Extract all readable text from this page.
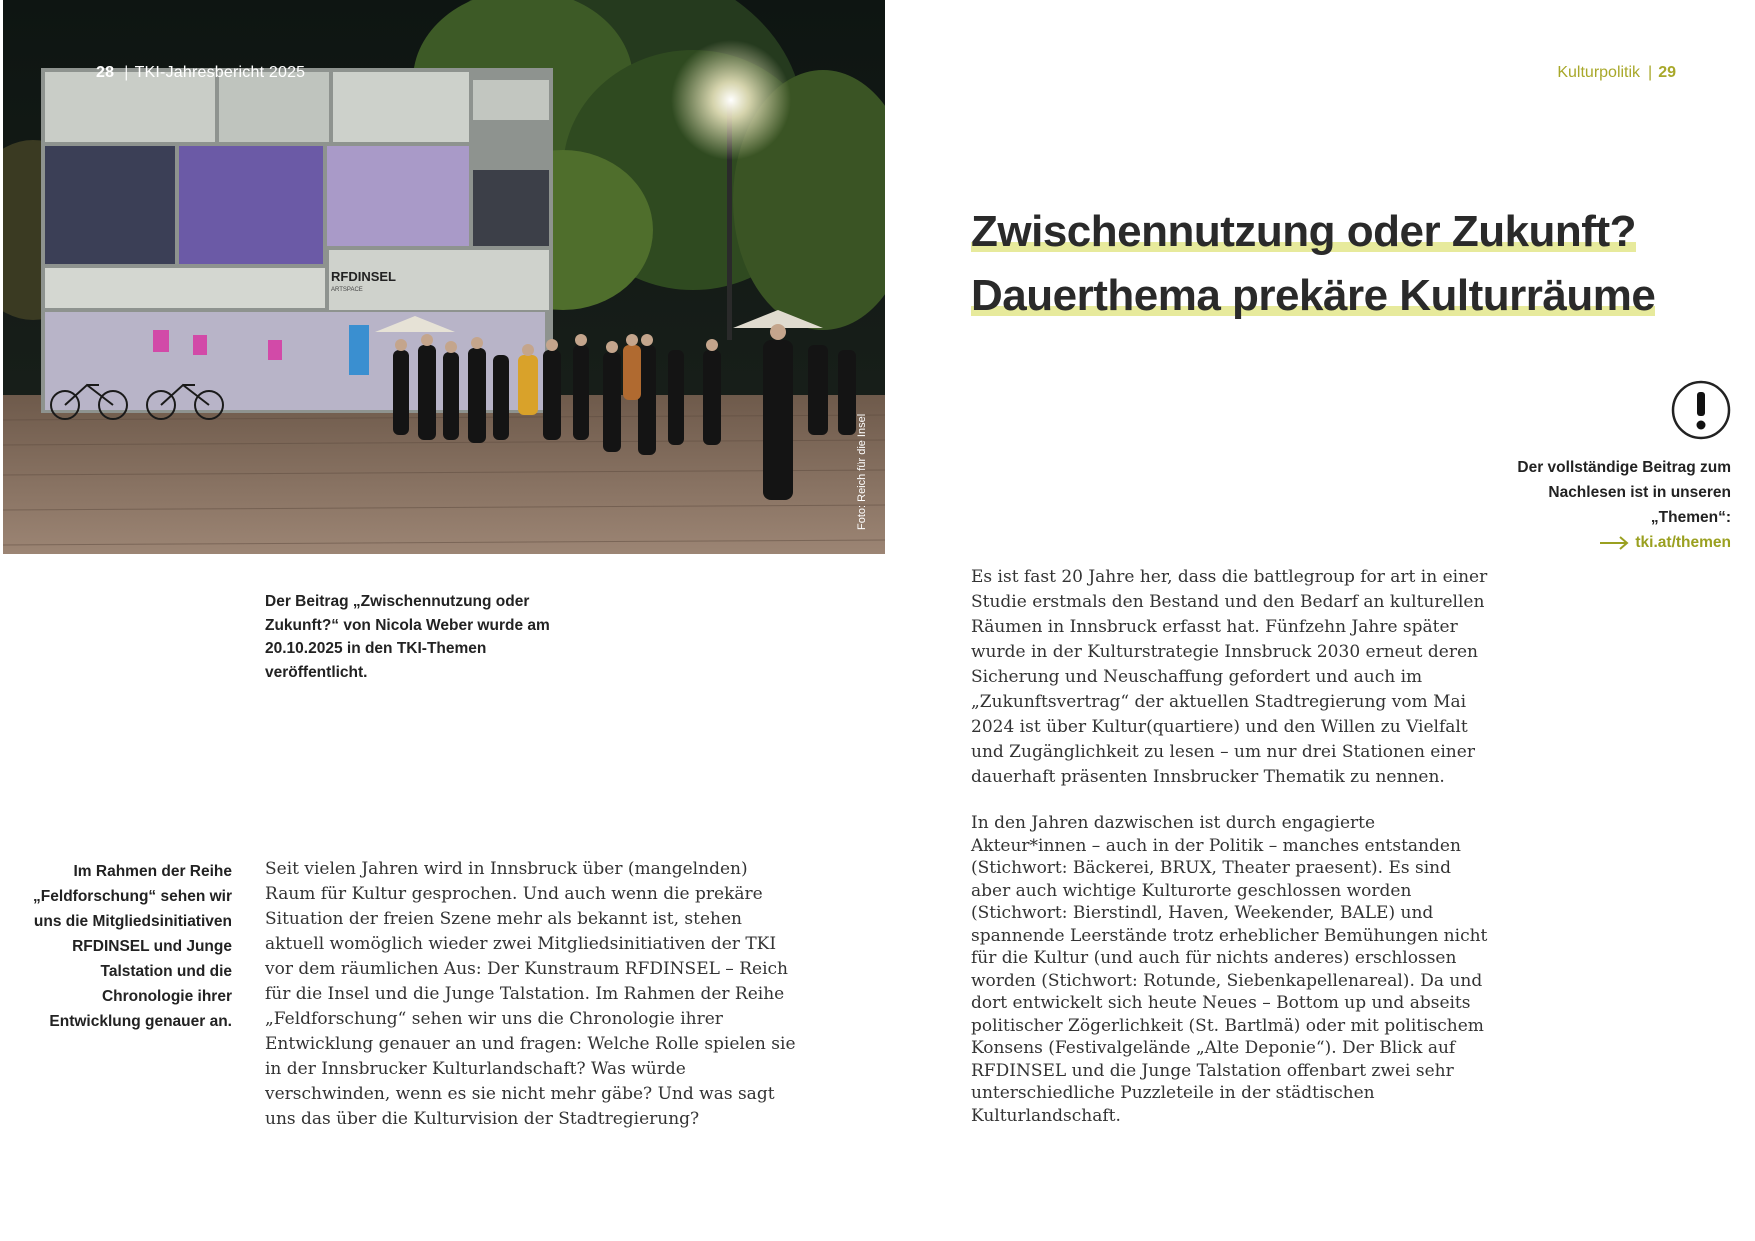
RFDINSEL
ARTSPACE
28 | TKI-Jahresbericht 2025
Foto: Reich für die Insel
Der Beitrag „Zwischennutzung oder Zukunft?“ von Nicola Weber wurde am 20.10.2025 in den TKI-Themen veröffentlicht.
Im Rahmen der Reihe „Feldforschung“ sehen wir uns die Mitgliedsinitiativen RFDINSEL und Junge Talstation und die Chronologie ihrer Entwicklung genauer an.
Seit vielen Jahren wird in Innsbruck über (mangelnden) Raum für Kultur gesprochen. Und auch wenn die prekäre Situation der freien Szene mehr als bekannt ist, stehen aktuell womöglich wieder zwei Mitgliedsinitiativen der TKI vor dem räumlichen Aus: Der Kunstraum RFDINSEL – Reich für die Insel und die Junge Talstation. Im Rahmen der Reihe „Feldforschung“ sehen wir uns die Chronologie ihrer Entwicklung genauer an und fragen: Welche Rolle spielen sie in der Innsbrucker Kulturlandschaft? Was würde verschwinden, wenn es sie nicht mehr gäbe? Und was sagt uns das über die Kulturvision der Stadtregierung?
Kulturpolitik | 29
Zwischennutzung oder Zukunft?
Dauerthema prekäre Kulturräume
Der vollständige Beitrag zum Nachlesen ist in unseren „Themen“:
tki.at/themen

Es ist fast 20 Jahre her, dass die battlegroup for art in einer Studie erstmals den Bestand und den Bedarf an kulturellen Räumen in Innsbruck erfasst hat. Fünfzehn Jahre später wurde in der Kulturstrategie Innsbruck 2030 erneut deren Sicherung und Neuschaffung gefordert und auch im „Zukunftsvertrag“ der aktuellen Stadtregierung vom Mai 2024 ist über Kultur(quartiere) und den Willen zu Vielfalt und Zugänglichkeit zu lesen – um nur drei Stationen einer dauerhaft präsenten Innsbrucker Thematik zu nennen.

In den Jahren dazwischen ist durch engagierte Akteur*innen – auch in der Politik – manches entstanden (Stichwort: Bäckerei, BRUX, Theater praesent). Es sind aber auch wichtige Kulturorte geschlossen worden (Stichwort: Bierstindl, Haven, Weekender, BALE) und spannende Leerstände trotz erheblicher Bemühungen nicht für die Kultur (und auch für nichts anderes) erschlossen worden (Stichwort: Rotunde, Siebenkapellenareal). Da und dort entwickelt sich heute Neues – Bottom up und abseits politischer Zögerlichkeit (St. Bartlmä) oder mit politischem Konsens (Festivalgelände „Alte Deponie“). Der Blick auf RFDINSEL und die Junge Talstation offenbart zwei sehr unterschiedliche Puzzleteile in der städtischen Kulturlandschaft.
